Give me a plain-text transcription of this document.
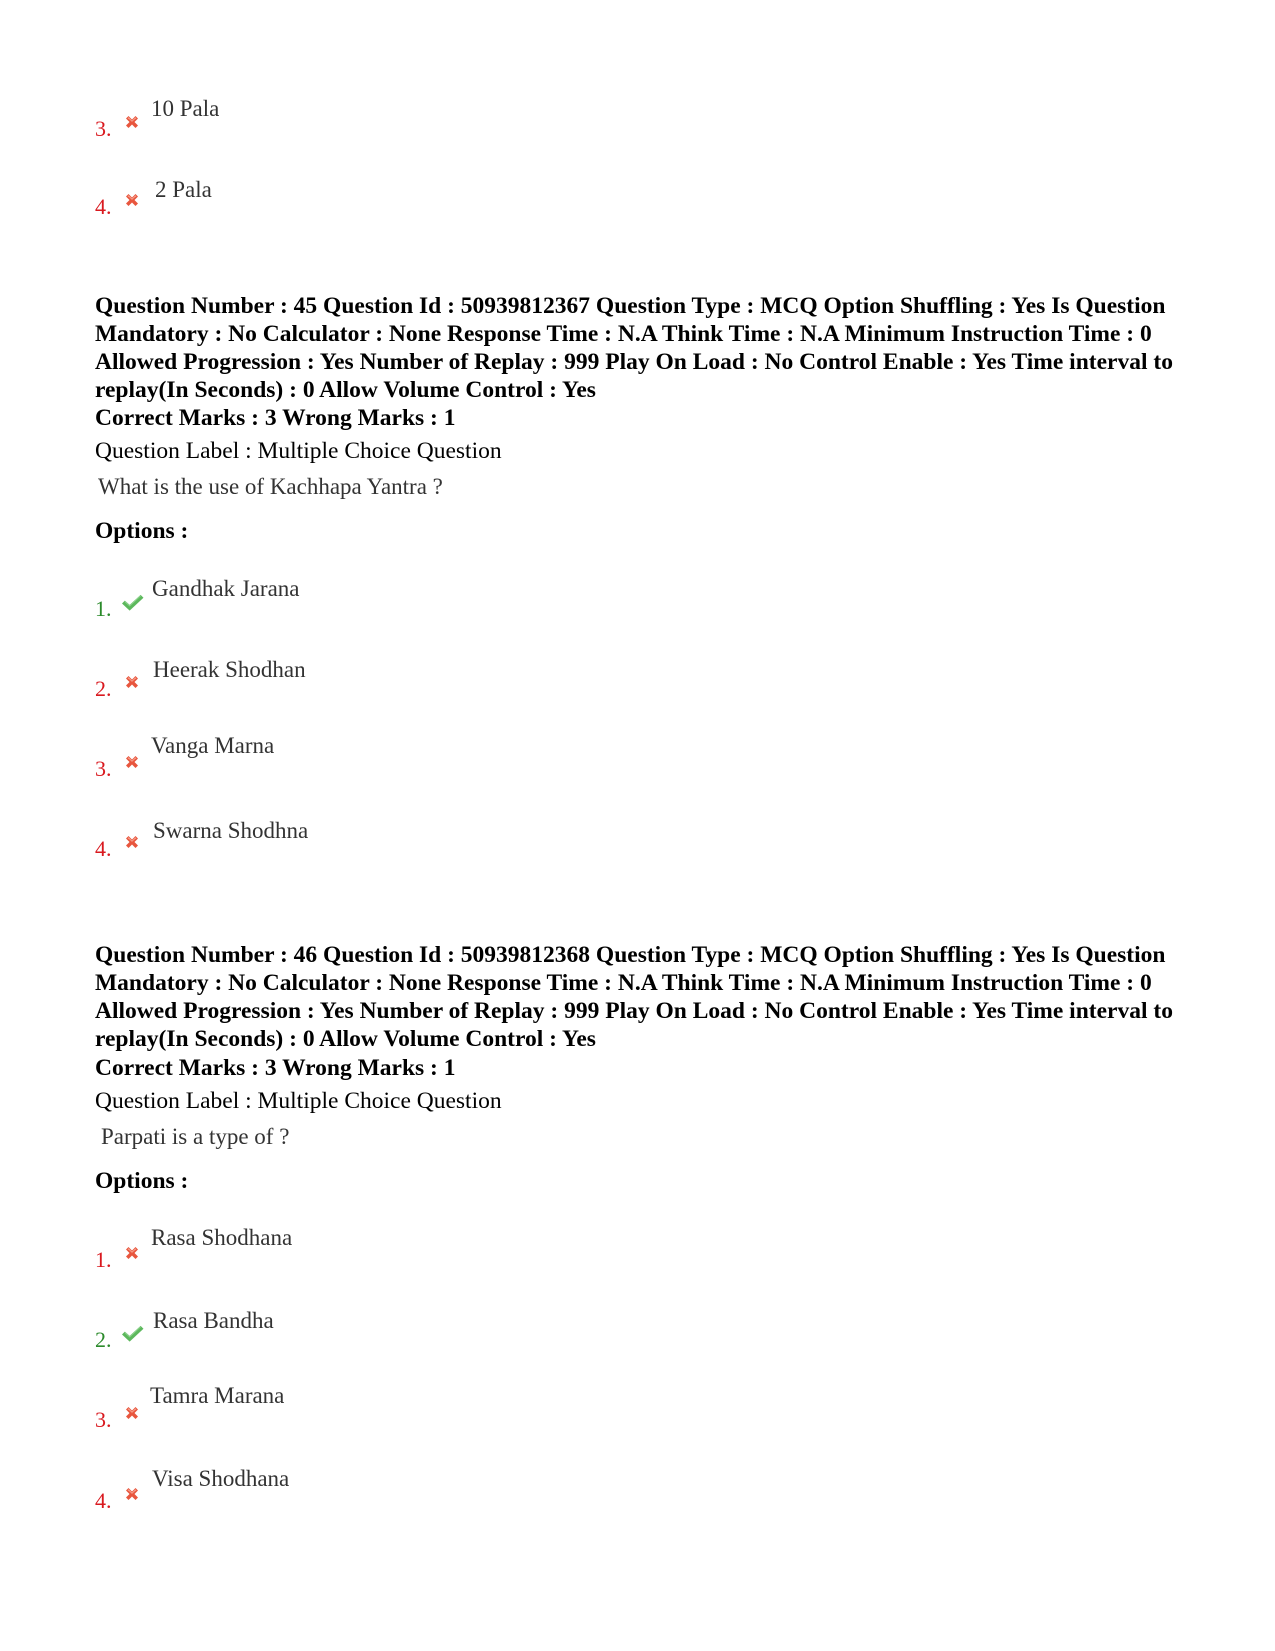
3.
10 Pala
4.
2 Pala

Question Number : 45 Question Id : 50939812367 Question Type : MCQ Option Shuffling : Yes Is Question Mandatory : No Calculator : None Response Time : N.A Think Time : N.A Minimum Instruction Time : 0 Allowed Progression : Yes Number of Replay : 999 Play On Load : No Control Enable : Yes Time interval to replay(In Seconds) : 0 Allow Volume Control : Yes

Correct Marks : 3 Wrong Marks : 1
Question Label : Multiple Choice Question
What is the use of Kachhapa Yantra ?
Options :
1.
Gandhak Jarana
2.
Heerak Shodhan
3.
Vanga Marna
4.
Swarna Shodhna

Question Number : 46 Question Id : 50939812368 Question Type : MCQ Option Shuffling : Yes Is Question Mandatory : No Calculator : None Response Time : N.A Think Time : N.A Minimum Instruction Time : 0 Allowed Progression : Yes Number of Replay : 999 Play On Load : No Control Enable : Yes Time interval to replay(In Seconds) : 0 Allow Volume Control : Yes

Correct Marks : 3 Wrong Marks : 1
Question Label : Multiple Choice Question
Parpati is a type of ?
Options :
1.
Rasa Shodhana
2.
Rasa Bandha
3.
Tamra Marana
4.
Visa Shodhana
